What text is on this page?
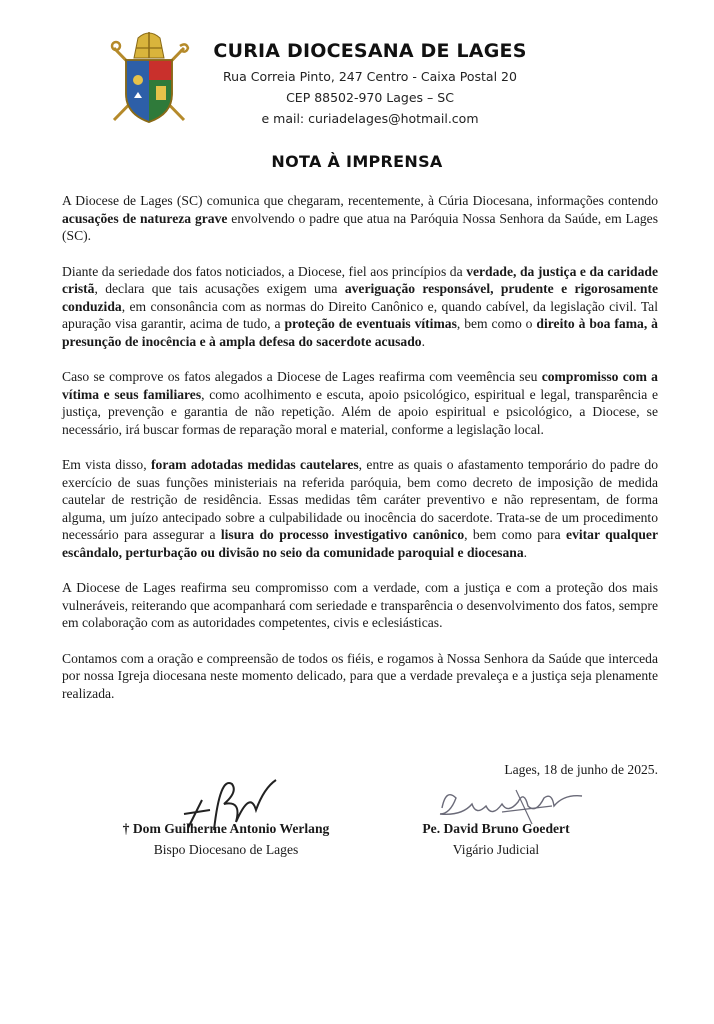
CURIA DIOCESANA DE LAGES
Rua Correia Pinto, 247 Centro - Caixa Postal 20
CEP 88502-970 Lages – SC
e mail: curiadelages@hotmail.com
NOTA À IMPRENSA

A Diocese de Lages (SC) comunica que chegaram, recentemente, à Cúria Diocesana, informações contendo acusações de natureza grave envolvendo o padre que atua na Paróquia Nossa Senhora da Saúde, em Lages (SC).

Diante da seriedade dos fatos noticiados, a Diocese, fiel aos princípios da verdade, da justiça e da caridade cristã, declara que tais acusações exigem uma averiguação responsável, prudente e rigorosamente conduzida, em consonância com as normas do Direito Canônico e, quando cabível, da legislação civil. Tal apuração visa garantir, acima de tudo, a proteção de eventuais vítimas, bem como o direito à boa fama, à presunção de inocência e à ampla defesa do sacerdote acusado.

Caso se comprove os fatos alegados a Diocese de Lages reafirma com veemência seu compromisso com a vítima e seus familiares, como acolhimento e escuta, apoio psicológico, espiritual e legal, transparência e justiça, prevenção e garantia de não repetição. Além de apoio espiritual e psicológico, a Diocese, se necessário, irá buscar formas de reparação moral e material, conforme a legislação local.

Em vista disso, foram adotadas medidas cautelares, entre as quais o afastamento temporário do padre do exercício de suas funções ministeriais na referida paróquia, bem como decreto de imposição de medida cautelar de restrição de residência. Essas medidas têm caráter preventivo e não representam, de forma alguma, um juízo antecipado sobre a culpabilidade ou inocência do sacerdote. Trata-se de um procedimento necessário para assegurar a lisura do processo investigativo canônico, bem como para evitar qualquer escândalo, perturbação ou divisão no seio da comunidade paroquial e diocesana.

A Diocese de Lages reafirma seu compromisso com a verdade, com a justiça e com a proteção dos mais vulneráveis, reiterando que acompanhará com seriedade e transparência o desenvolvimento dos fatos, sempre em colaboração com as autoridades competentes, civis e eclesiásticas.

Contamos com a oração e compreensão de todos os fiéis, e rogamos à Nossa Senhora da Saúde que interceda por nossa Igreja diocesana neste momento delicado, para que a verdade prevaleça e a justiça seja plenamente realizada.

Lages, 18 de junho de 2025.
† Dom Guilherme Antonio Werlang
Bispo Diocesano de Lages
Pe. David Bruno Goedert
Vigário Judicial
